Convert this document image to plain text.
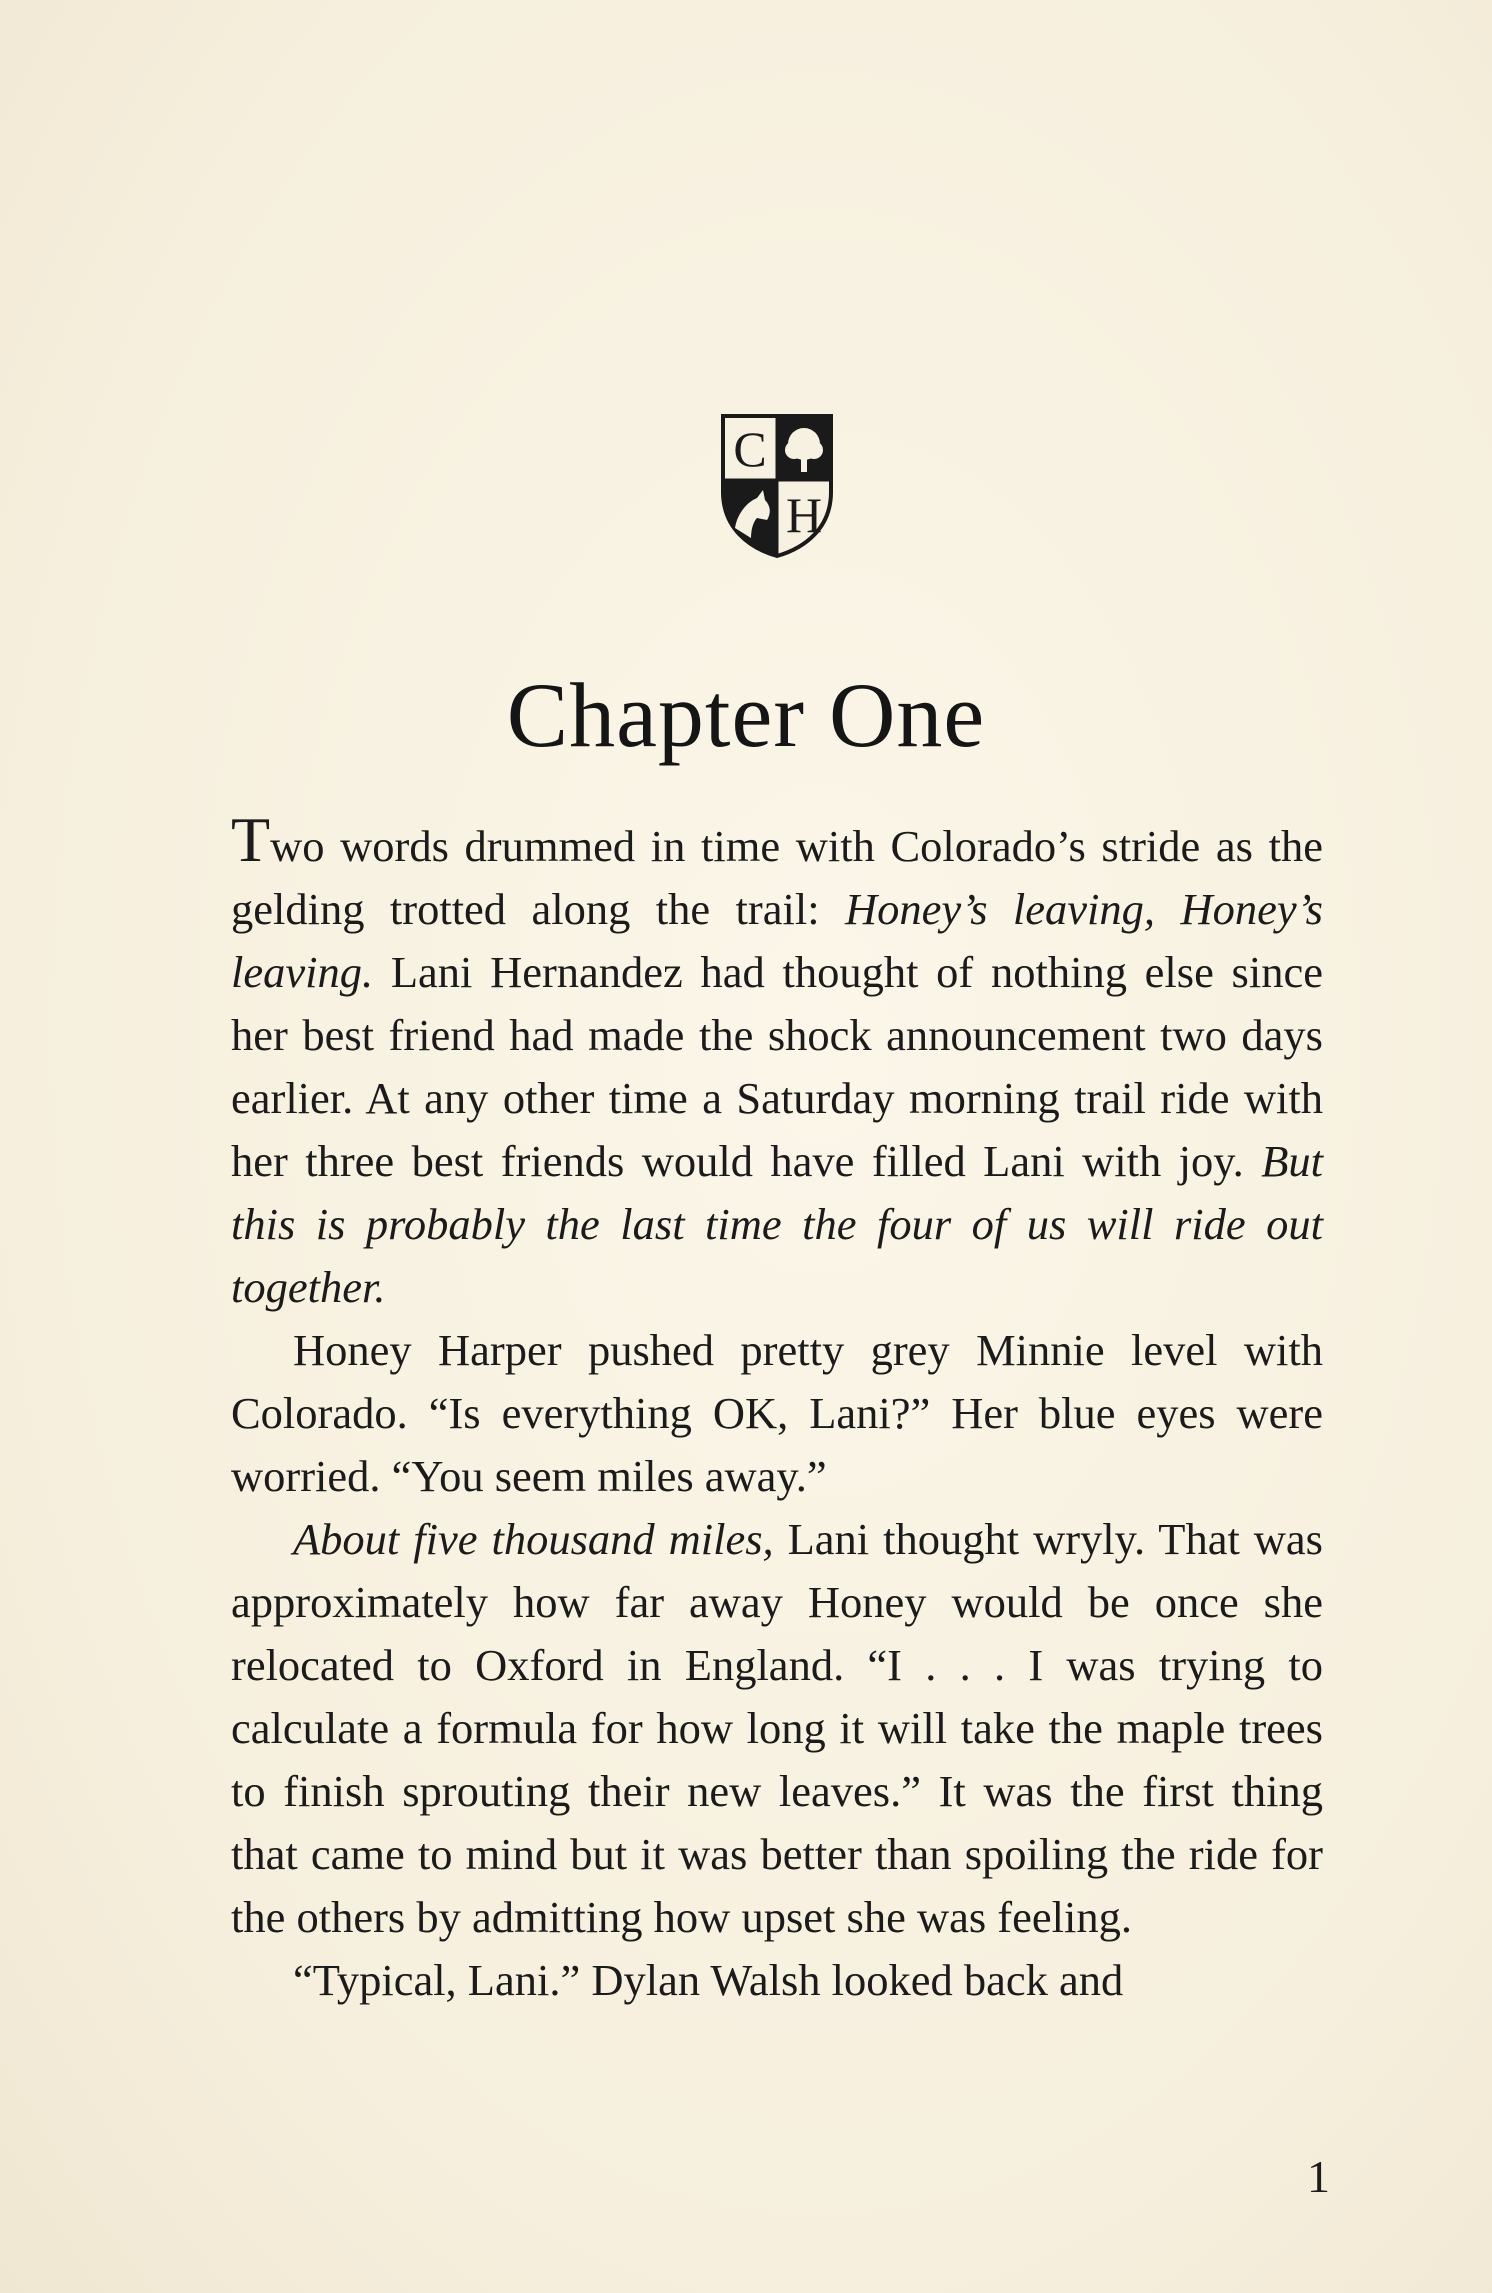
C
H
Chapter One

Two words drummed in time with Colorado’s stride as the gelding trotted along the trail: Honey’s leaving, Honey’s leaving. Lani Hernandez had thought of nothing else since her best friend had made the shock announcement two days earlier. At any other time a Saturday morning trail ride with her three best friends would have filled Lani with joy. But this is probably the last time the four of us will ride out together.

Honey Harper pushed pretty grey Minnie level with Colorado. “Is everything OK, Lani?” Her blue eyes were worried. “You seem miles away.”

About five thousand miles, Lani thought wryly. That was approximately how far away Honey would be once she relocated to Oxford in England. “I . . . I was trying to calculate a formula for how long it will take the maple trees to finish sprouting their new leaves.” It was the first thing that came to mind but it was better than spoiling the ride for the others by admitting how upset she was feeling.

“Typical, Lani.” Dylan Walsh looked back and

1
